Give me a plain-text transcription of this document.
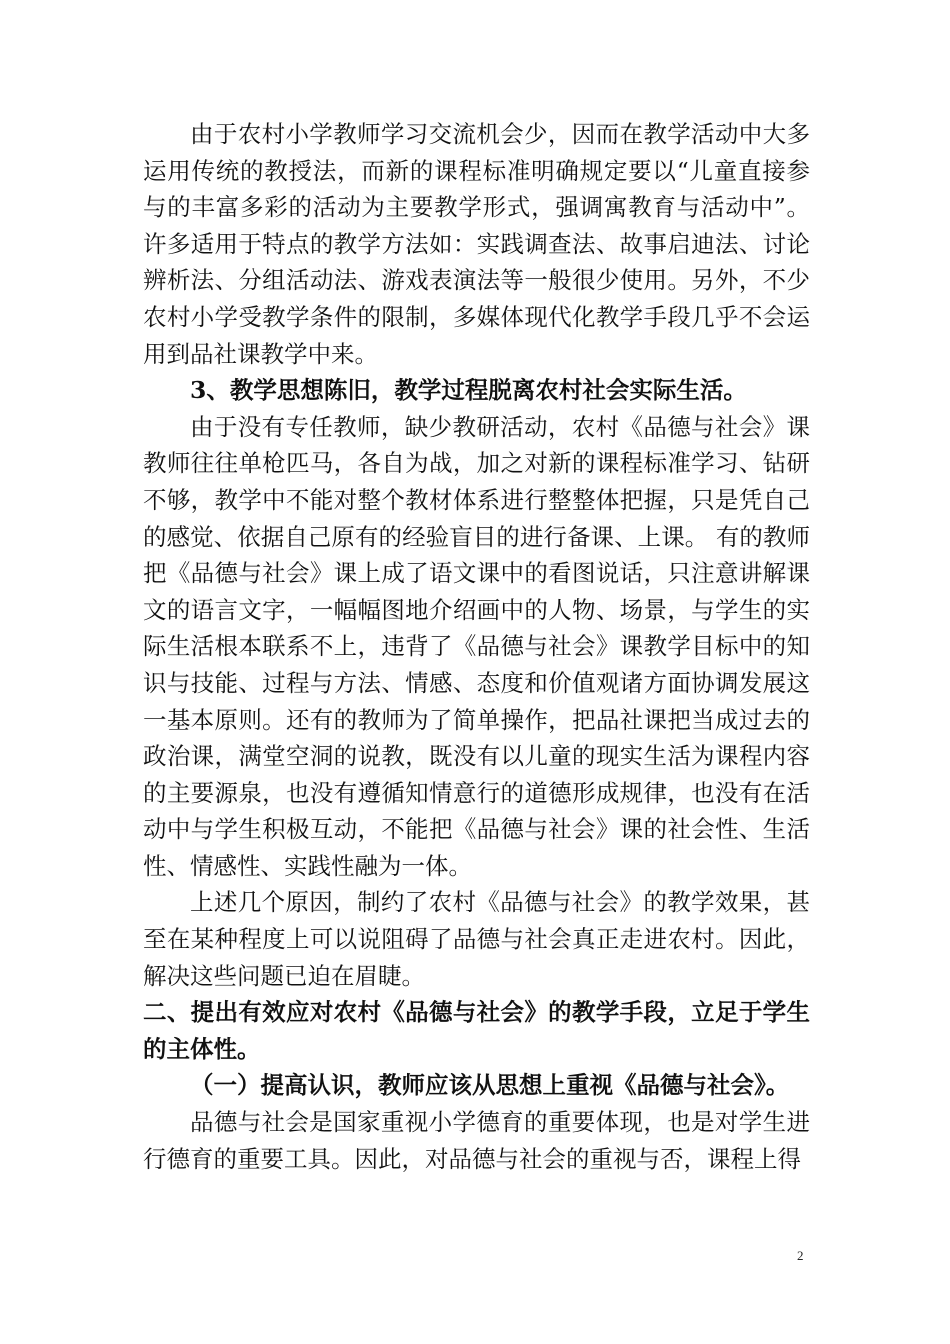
由于农村小学教师学习交流机会少，因而在教学活动中大多运用传统的教授法，而新的课程标准明确规定要以“儿童直接参与的丰富多彩的活动为主要教学形式，强调寓教育与活动中”。许多适用于特点的教学方法如：实践调查法、故事启迪法、讨论辨析法、分组活动法、游戏表演法等一般很少使用。另外，不少农村小学受教学条件的限制，多媒体现代化教学手段几乎不会运用到品社课教学中来。

3、教学思想陈旧，教学过程脱离农村社会实际生活。

由于没有专任教师，缺少教研活动，农村《品德与社会》课教师往往单枪匹马，各自为战，加之对新的课程标准学习、钻研不够，教学中不能对整个教材体系进行整整体把握，只是凭自己的感觉、依据自己原有的经验盲目的进行备课、上课。 有的教师把《品德与社会》课上成了语文课中的看图说话，只注意讲解课文的语言文字，一幅幅图地介绍画中的人物、场景，与学生的实际生活根本联系不上，违背了《品德与社会》课教学目标中的知识与技能、过程与方法、情感、态度和价值观诸方面协调发展这一基本原则。还有的教师为了简单操作，把品社课把当成过去的政治课，满堂空洞的说教，既没有以儿童的现实生活为课程内容的主要源泉，也没有遵循知情意行的道德形成规律，也没有在活动中与学生积极互动，不能把《品德与社会》课的社会性、生活性、情感性、实践性融为一体。

上述几个原因，制约了农村《品德与社会》的教学效果，甚至在某种程度上可以说阻碍了品德与社会真正走进农村。因此，解决这些问题已迫在眉睫。

二、提出有效应对农村《品德与社会》的教学手段，立足于学生的主体性。

（一）提高认识，教师应该从思想上重视《品德与社会》。

品德与社会是国家重视小学德育的重要体现，也是对学生进行德育的重要工具。因此，对品德与社会的重视与否，课程上得

2
